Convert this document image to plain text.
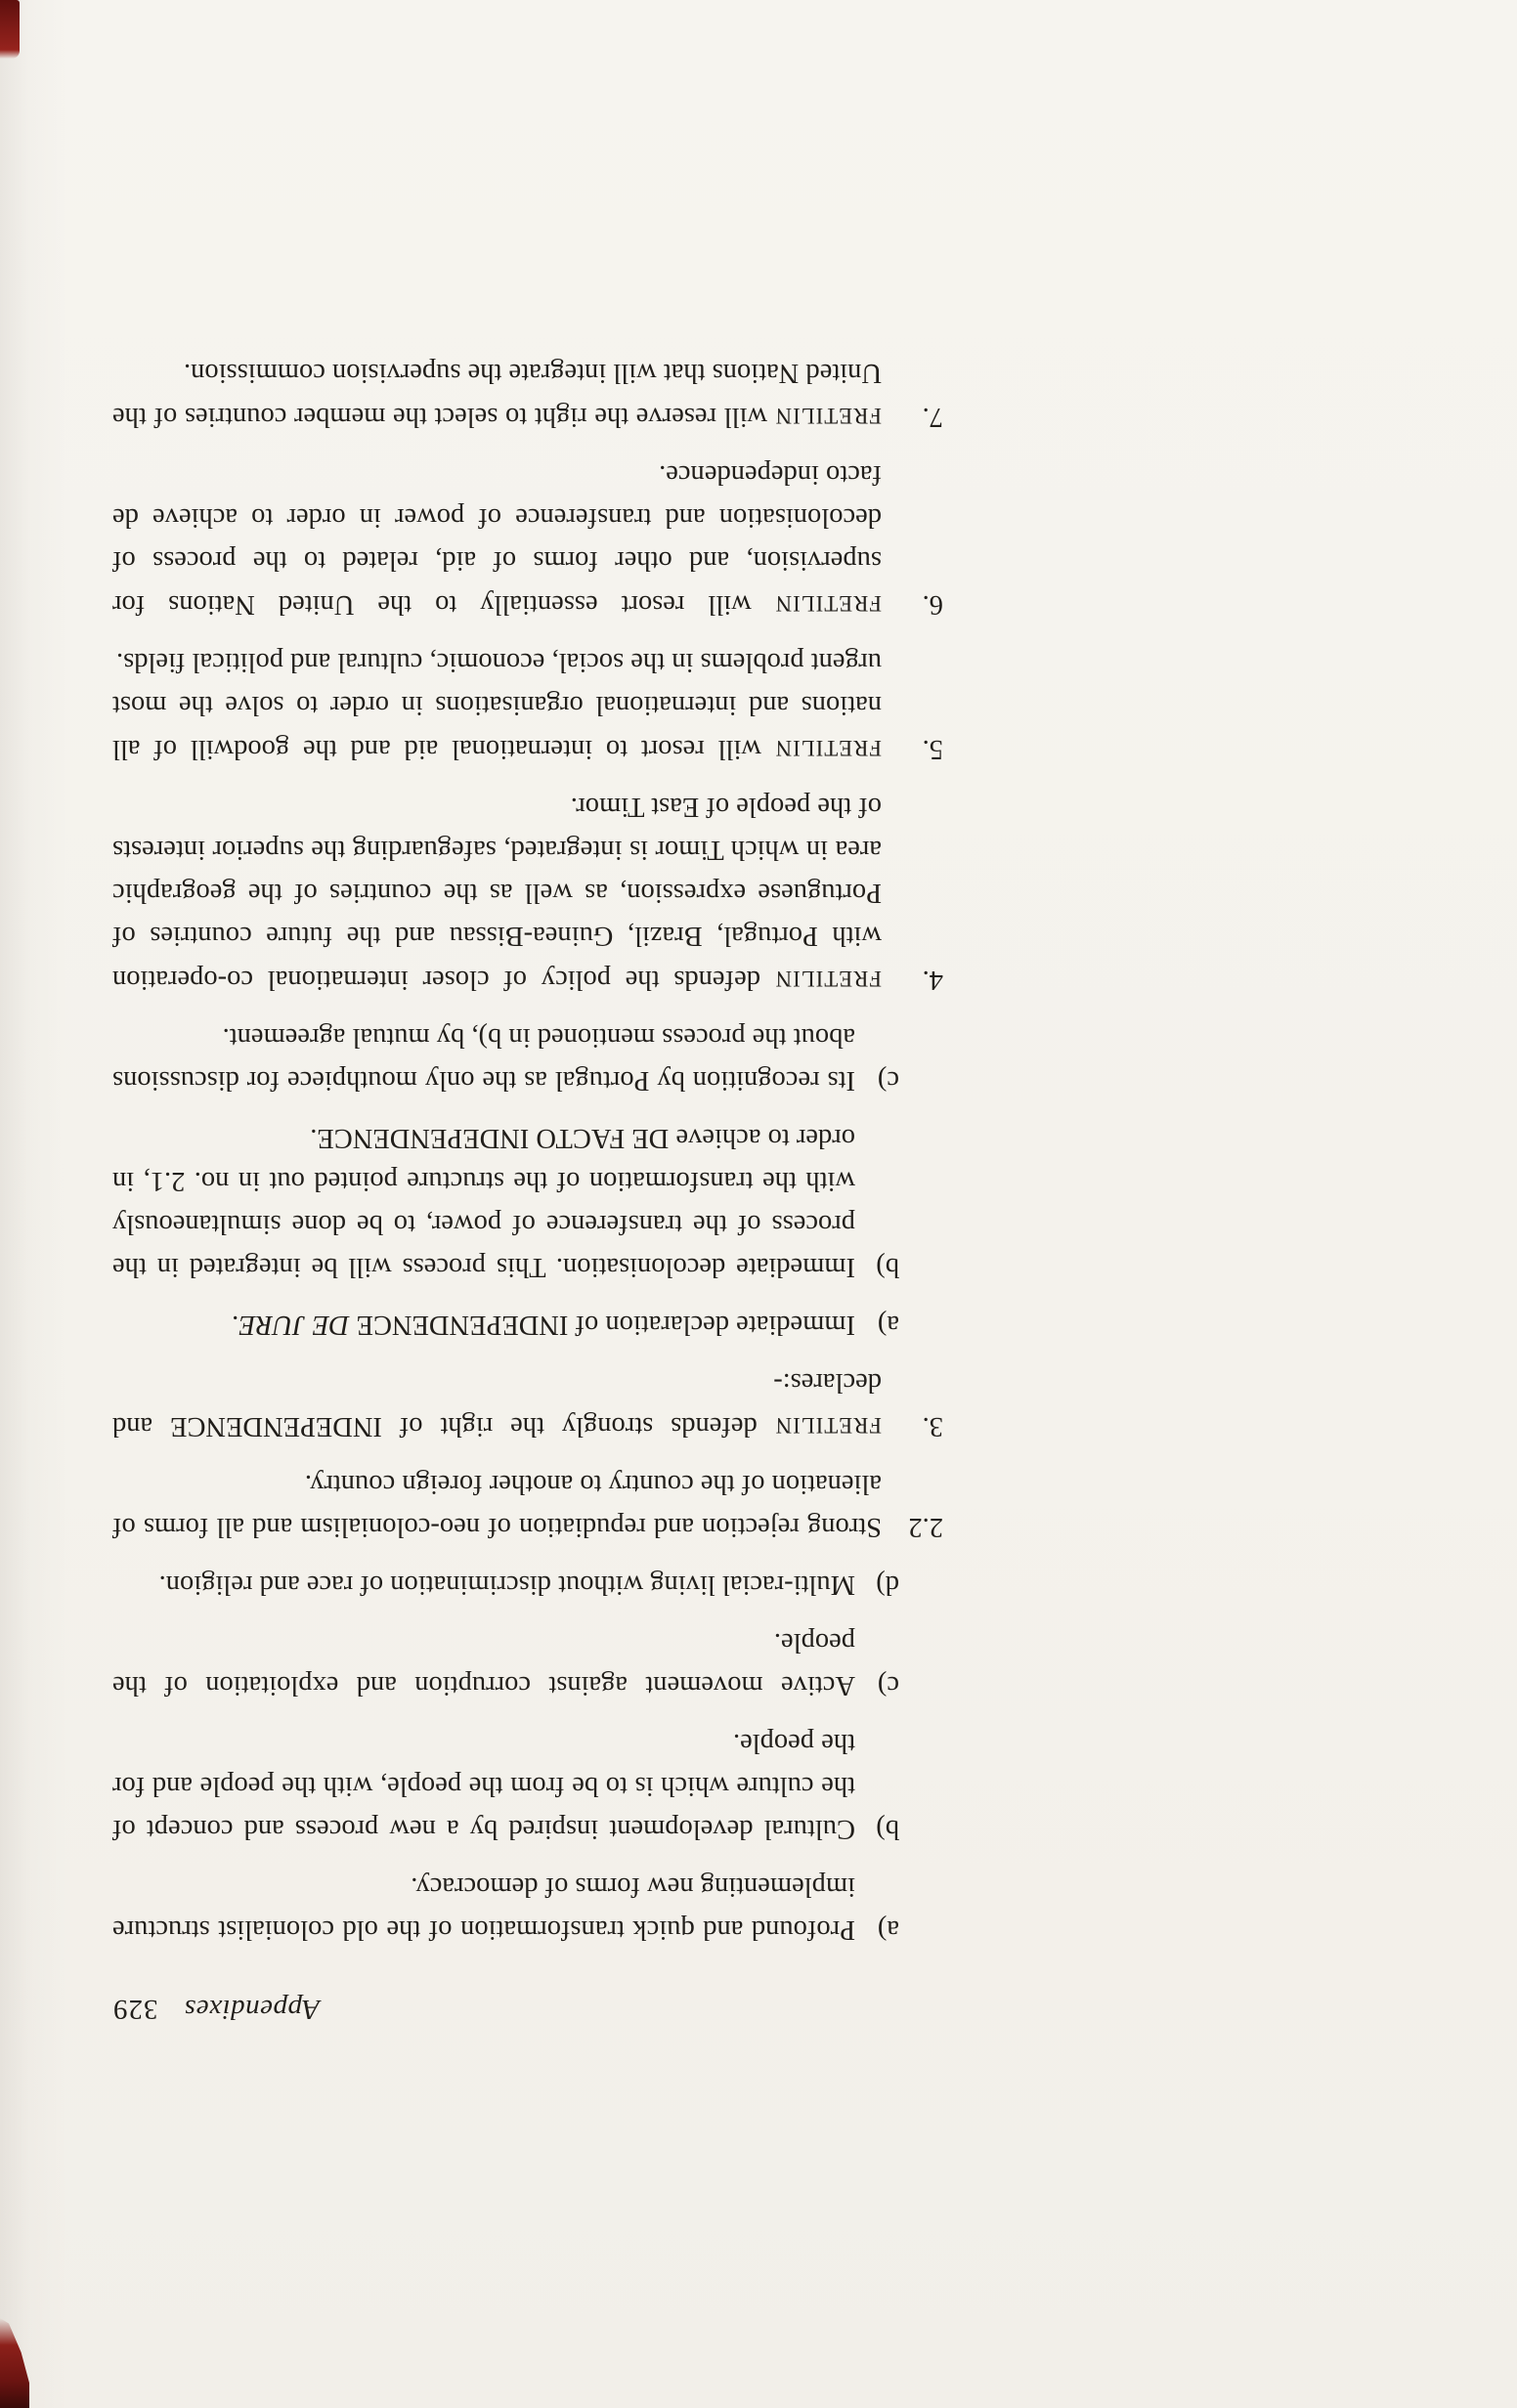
Appendixes
329
a)
Profound and quick transformation of the old colonialist structure implementing new forms of democracy.
b)
Cultural development inspired by a new process and concept of the culture which is to be from the people, with the people and for the people.
c)
Active movement against corruption and exploitation of the people.
d)
Multi-racial living without discrimination of race and religion.
2.2
Strong rejection and repudiation of neo-colonialism and all forms of alienation of the country to another foreign country.
3.
FRETILIN defends strongly the right of INDEPENDENCE and declares:-
a)
Immediate declaration of INDEPENDENCE DE JURE.
b)
Immediate decolonisation. This process will be integrated in the process of the transference of power, to be done simultaneously with the transformation of the structure pointed out in no. 2.1, in order to achieve DE FACTO INDEPENDENCE.
c)
Its recognition by Portugal as the only mouthpiece for discussions about the process mentioned in b), by mutual agreement.
4.
FRETILIN defends the policy of closer international co-operation with Portugal, Brazil, Guinea-Bissau and the future countries of Portuguese expression, as well as the countries of the geographic area in which Timor is integrated, safeguarding the superior interests of the people of East Timor.
5.
FRETILIN will resort to international aid and the goodwill of all nations and international organisations in order to solve the most urgent problems in the social, economic, cultural and political fields.
6.
FRETILIN will resort essentially to the United Nations for supervision, and other forms of aid, related to the process of decolonisation and transference of power in order to achieve de facto independence.
7.
FRETILIN will reserve the right to select the member countries of the United Nations that will integrate the supervision commission.
